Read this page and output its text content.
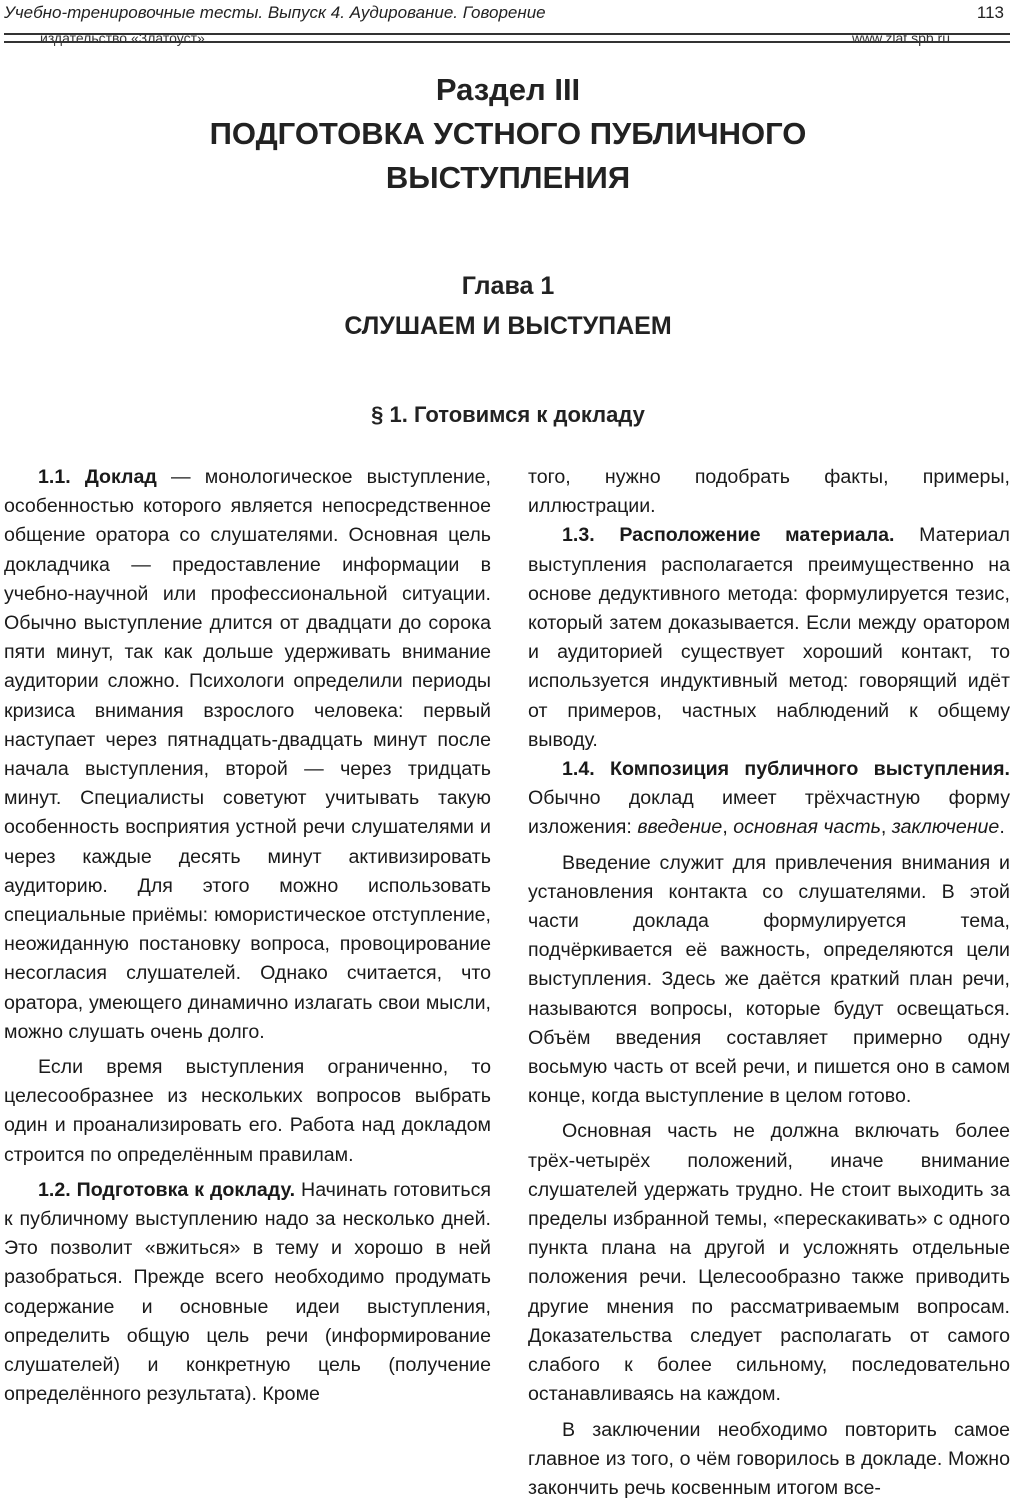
Учебно-тренировочные тесты. Выпуск 4. Аудирование. Говорение	113
издательство «Златоуст»	www.zlat.spb.ru
Раздел III
ПОДГОТОВКА УСТНОГО ПУБЛИЧНОГО
ВЫСТУПЛЕНИЯ
Глава 1
СЛУШАЕМ И ВЫСТУПАЕМ
§ 1. Готовимся к докладу

1.1. Доклад — монологическое выступление, особенностью которого является непосредственное общение оратора со слушателями. Основная цель докладчика — предоставление информации в учебно-научной или профессиональной ситуации. Обычно выступление длится от двадцати до сорока пяти минут, так как дольше удерживать внимание аудитории сложно. Психологи определили периоды кризиса внимания взрослого человека: первый наступает через пятнадцать-двадцать минут после начала выступления, второй — через тридцать минут. Специалисты советуют учитывать такую особенность восприятия устной речи слушателями и через каждые десять минут активизировать аудиторию. Для этого можно использовать специальные приёмы: юмористическое отступление, неожиданную постановку вопроса, провоцирование несогласия слушателей. Однако считается, что оратора, умеющего динамично излагать свои мысли, можно слушать очень долго.

Если время выступления ограниченно, то целесообразнее из нескольких вопросов выбрать один и проанализировать его. Работа над докладом строится по определённым правилам.

1.2. Подготовка к докладу. Начинать готовиться к публичному выступлению надо за несколько дней. Это позволит «вжиться» в тему и хорошо в ней разобраться. Прежде всего необходимо продумать содержание и основные идеи выступления, определить общую цель речи (информирование слушателей) и конкретную цель (получение определённого результата). Кроме

того, нужно подобрать факты, примеры, иллюстрации.

1.3. Расположение материала. Материал выступления располагается преимущественно на основе дедуктивного метода: формулируется тезис, который затем доказывается. Если между оратором и аудиторией существует хороший контакт, то используется индуктивный метод: говорящий идёт от примеров, частных наблюдений к общему выводу.

1.4. Композиция публичного выступления. Обычно доклад имеет трёхчастную форму изложения: введение, основная часть, заключение.

Введение служит для привлечения внимания и установления контакта со слушателями. В этой части доклада формулируется тема, подчёркивается её важность, определяются цели выступления. Здесь же даётся краткий план речи, называются вопросы, которые будут освещаться. Объём введения составляет примерно одну восьмую часть от всей речи, и пишется оно в самом конце, когда выступление в целом готово.

Основная часть не должна включать более трёх-четырёх положений, иначе внимание слушателей удержать трудно. Не стоит выходить за пределы избранной темы, «перескакивать» с одного пункта плана на другой и усложнять отдельные положения речи. Целесообразно также приводить другие мнения по рассматриваемым вопросам. Доказательства следует располагать от самого слабого к более сильному, последовательно останавливаясь на каждом.

В заключении необходимо повторить самое главное из того, о чём говорилось в докладе. Можно закончить речь косвенным итогом все-
